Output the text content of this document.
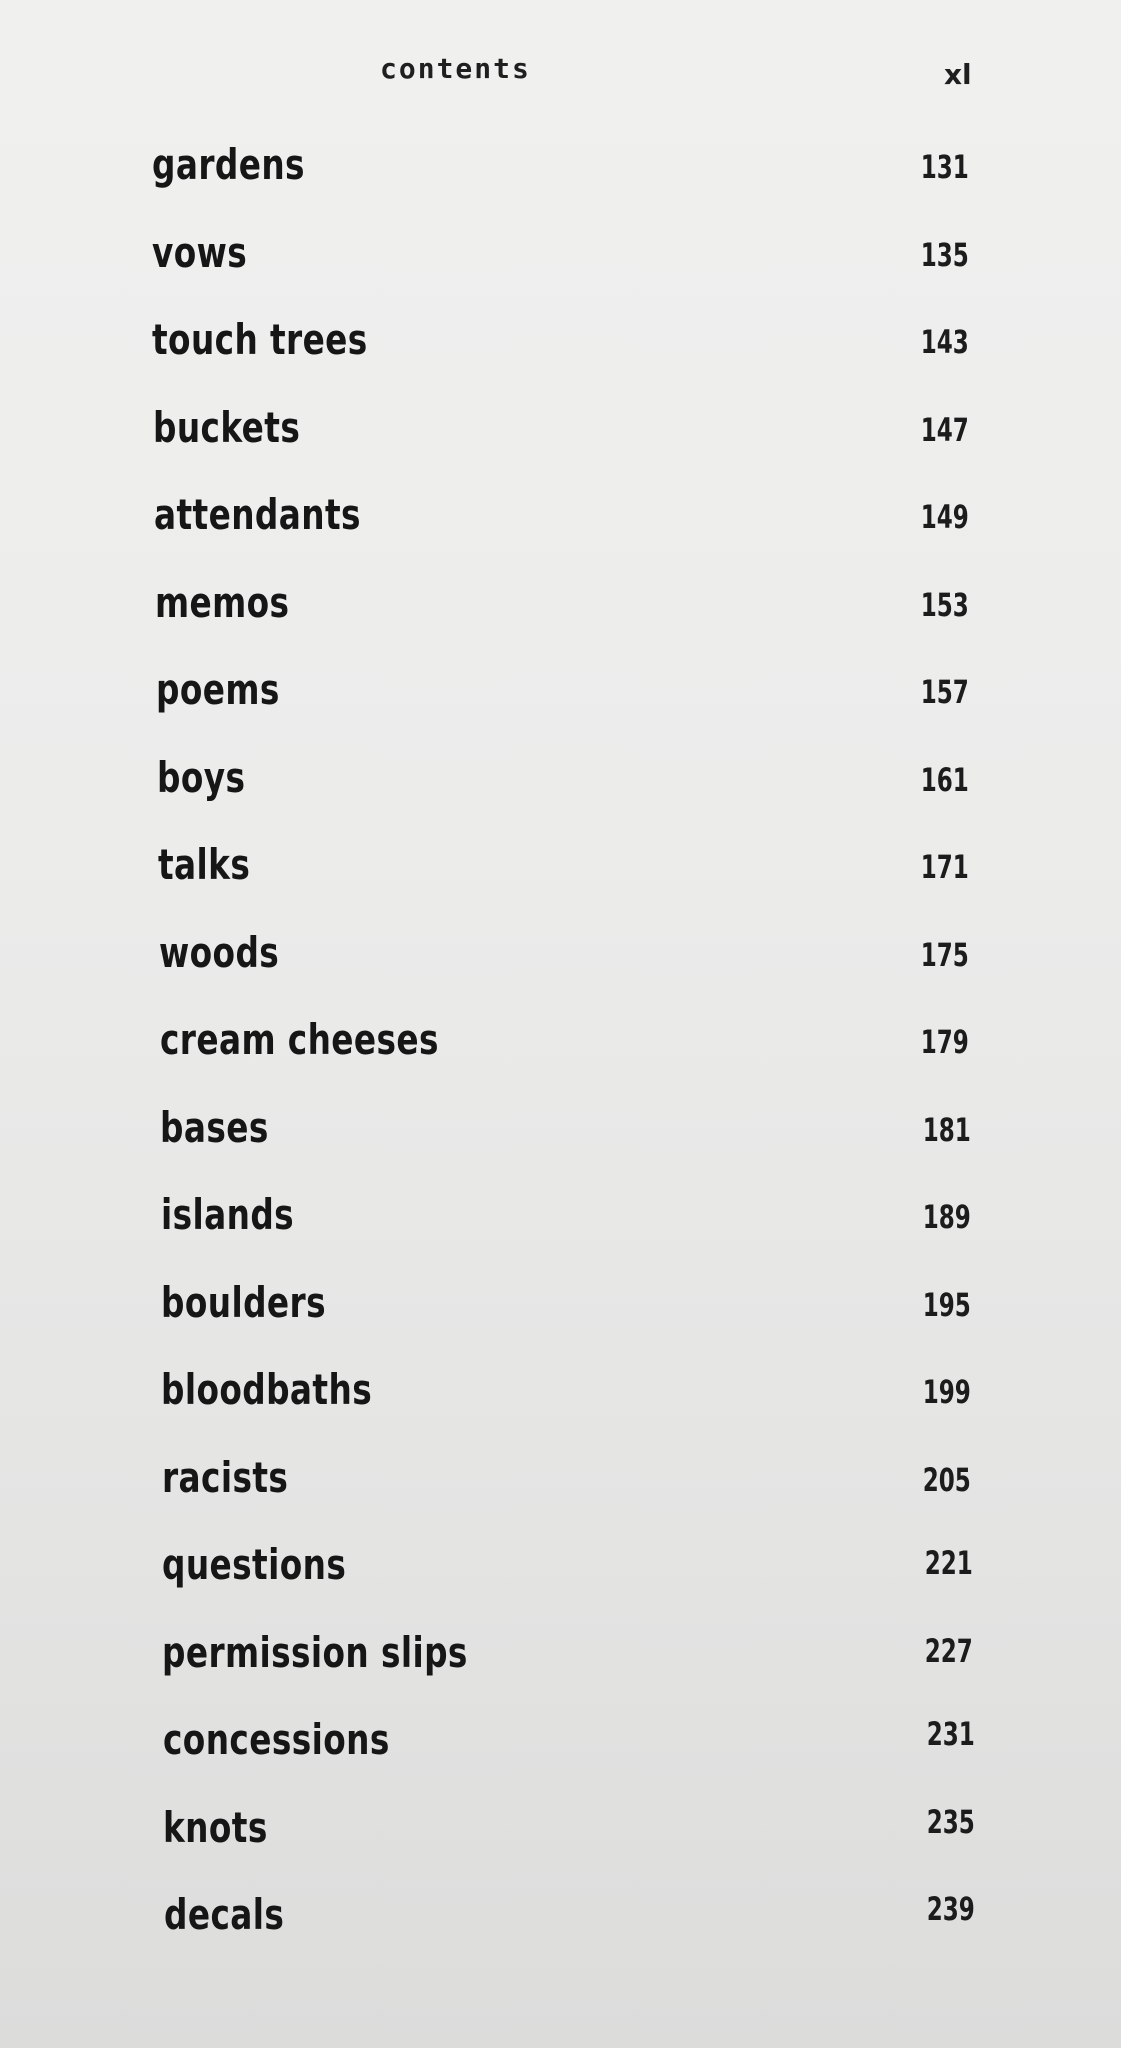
contents	xl
gardens	131
vows	135
touch trees	143
buckets	147
attendants	149
memos	153
poems	157
boys	161
talks	171
woods	175
cream cheeses	179
bases	181
islands	189
boulders	195
bloodbaths	199
racists	205
questions	221
permission slips	227
concessions	231
knots	235
decals	239
